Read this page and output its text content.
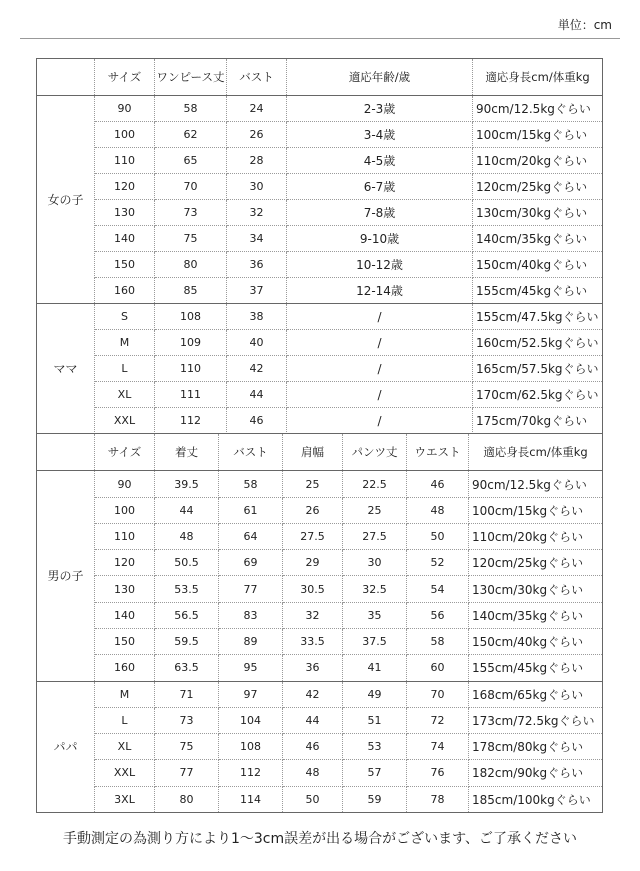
単位：cm
	サイズ	ワンピース丈	バスト	適応年齢/歳	適応身長cm/体重kg
女の子	90	58	24	2-3歳	90cm/12.5kgぐらい
	100	62	26	3-4歳	100cm/15kgぐらい
	110	65	28	4-5歳	110cm/20kgぐらい
	120	70	30	6-7歳	120cm/25kgぐらい
	130	73	32	7-8歳	130cm/30kgぐらい
	140	75	34	9-10歳	140cm/35kgぐらい
	150	80	36	10-12歳	150cm/40kgぐらい
	160	85	37	12-14歳	155cm/45kgぐらい
ママ	S	108	38	/	155cm/47.5kgぐらい
	M	109	40	/	160cm/52.5kgぐらい
	L	110	42	/	165cm/57.5kgぐらい
	XL	111	44	/	170cm/62.5kgぐらい
	XXL	112	46	/	175cm/70kgぐらい
	サイズ	着丈	バスト	肩幅	パンツ丈	ウエスト	適応身長cm/体重kg
男の子	90	39.5	58	25	22.5	46	90cm/12.5kgぐらい
	100	44	61	26	25	48	100cm/15kgぐらい
	110	48	64	27.5	27.5	50	110cm/20kgぐらい
	120	50.5	69	29	30	52	120cm/25kgぐらい
	130	53.5	77	30.5	32.5	54	130cm/30kgぐらい
	140	56.5	83	32	35	56	140cm/35kgぐらい
	150	59.5	89	33.5	37.5	58	150cm/40kgぐらい
	160	63.5	95	36	41	60	155cm/45kgぐらい
パパ	M	71	97	42	49	70	168cm/65kgぐらい
	L	73	104	44	51	72	173cm/72.5kgぐらい
	XL	75	108	46	53	74	178cm/80kgぐらい
	XXL	77	112	48	57	76	182cm/90kgぐらい
	3XL	80	114	50	59	78	185cm/100kgぐらい
手動測定の為測り方により1～3cm誤差が出る場合がございます、ご了承ください
